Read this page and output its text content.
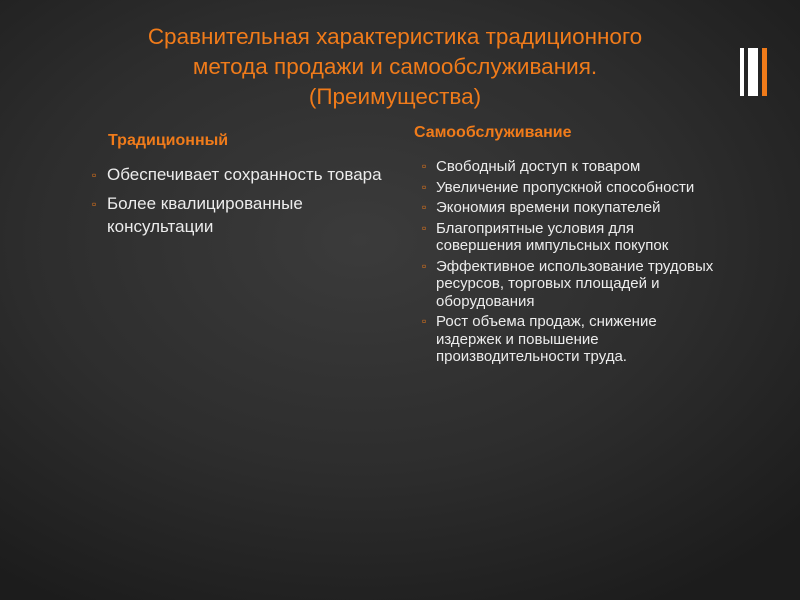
Сравнительная характеристика традиционного
метода продажи и самообслуживания.
(Преимущества)
Традиционный
▫ Обеспечивает сохранность товара
▫ Более квалицированные консультации
Самообслуживание
▫ Свободный доступ к товаром
▫ Увеличение пропускной способности
▫ Экономия времени покупателей
▫ Благоприятные условия для совершения импульсных покупок
▫ Эффективное использование трудовых ресурсов, торговых площадей и оборудования
▫ Рост объема продаж, снижение издержек и повышение производительности труда.
